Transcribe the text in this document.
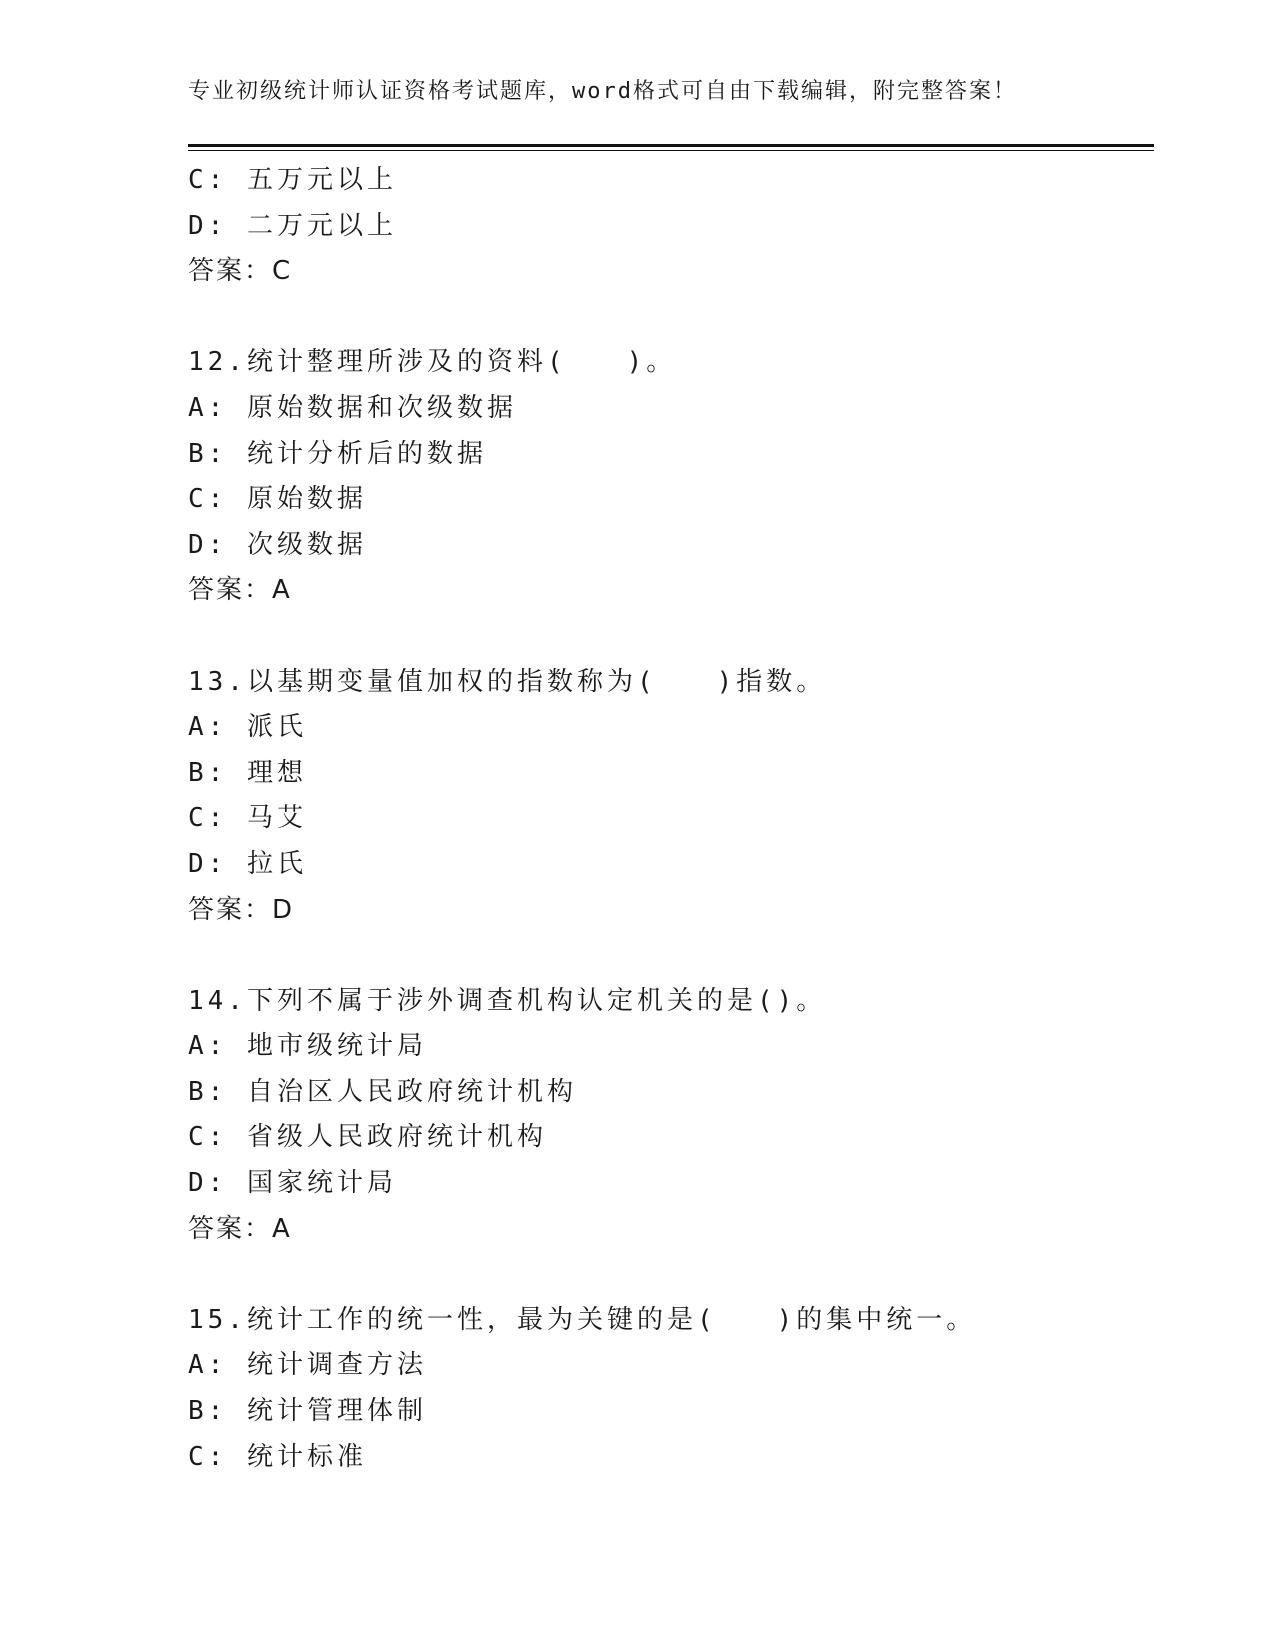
专业初级统计师认证资格考试题库，word格式可自由下载编辑，附完整答案！
C: 五万元以上
D: 二万元以上
答案：C
12.统计整理所涉及的资料(　　)。
A: 原始数据和次级数据
B: 统计分析后的数据
C: 原始数据
D: 次级数据
答案：A
13.以基期变量值加权的指数称为(　　)指数。
A: 派氏
B: 理想
C: 马艾
D: 拉氏
答案：D
14.下列不属于涉外调查机构认定机关的是()。
A: 地市级统计局
B: 自治区人民政府统计机构
C: 省级人民政府统计机构
D: 国家统计局
答案：A
15.统计工作的统一性，最为关键的是(　　)的集中统一。
A: 统计调查方法
B: 统计管理体制
C: 统计标准
